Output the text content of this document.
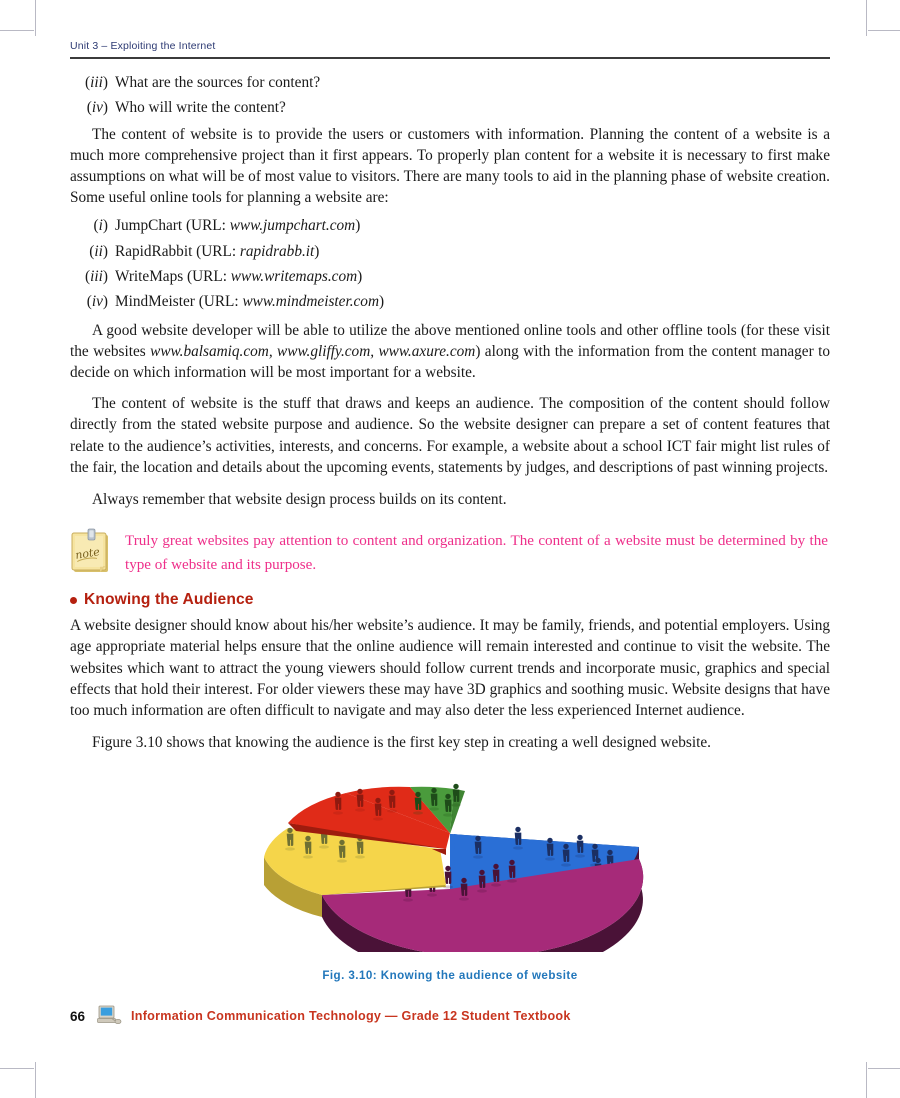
Unit 3 – Exploiting the Internet
(iii) What are the sources for content?
(iv) Who will write the content?

The content of website is to provide the users or customers with information. Planning the content of a website is a much more comprehensive project than it first appears. To properly plan content for a website it is necessary to first make assumptions on what will be of most value to visitors. There are many tools to aid in the planning phase of website creation. Some useful online tools for planning a website are:

(i) JumpChart (URL: www.jumpchart.com)
(ii) RapidRabbit (URL: rapidrabb.it)
(iii) WriteMaps (URL: www.writemaps.com)
(iv) MindMeister (URL: www.mindmeister.com)

A good website developer will be able to utilize the above mentioned online tools and other offline tools (for these visit the websites www.balsamiq.com, www.gliffy.com, www.axure.com) along with the information from the content manager to decide on which information will be most important for a website.

The content of website is the stuff that draws and keeps an audience. The composition of the content should follow directly from the stated website purpose and audience. So the website designer can prepare a set of content features that relate to the audience’s activities, interests, and concerns. For example, a website about a school ICT fair might list rules of the fair, the location and details about the upcoming events, statements by judges, and descriptions of past winning projects.

Always remember that website design process builds on its content.

note
Truly great websites pay attention to content and organization. The content of a website must be determined by the type of website and its purpose.
Knowing the Audience

A website designer should know about his/her website’s audience. It may be family, friends, and potential employers. Using age appropriate material helps ensure that the online audience will remain interested and continue to visit the website. The websites which want to attract the young viewers should follow current trends and incorporate music, graphics and special effects that hold their interest. For older viewers these may have 3D graphics and soothing music. Website designs that have too much information are often difficult to navigate and may also deter the less experienced Internet audience.

Figure 3.10 shows that knowing the audience is the first key step in creating a well designed website.

Fig. 3.10: Knowing the audience of website
66	Information Communication Technology — Grade 12 Student Textbook
